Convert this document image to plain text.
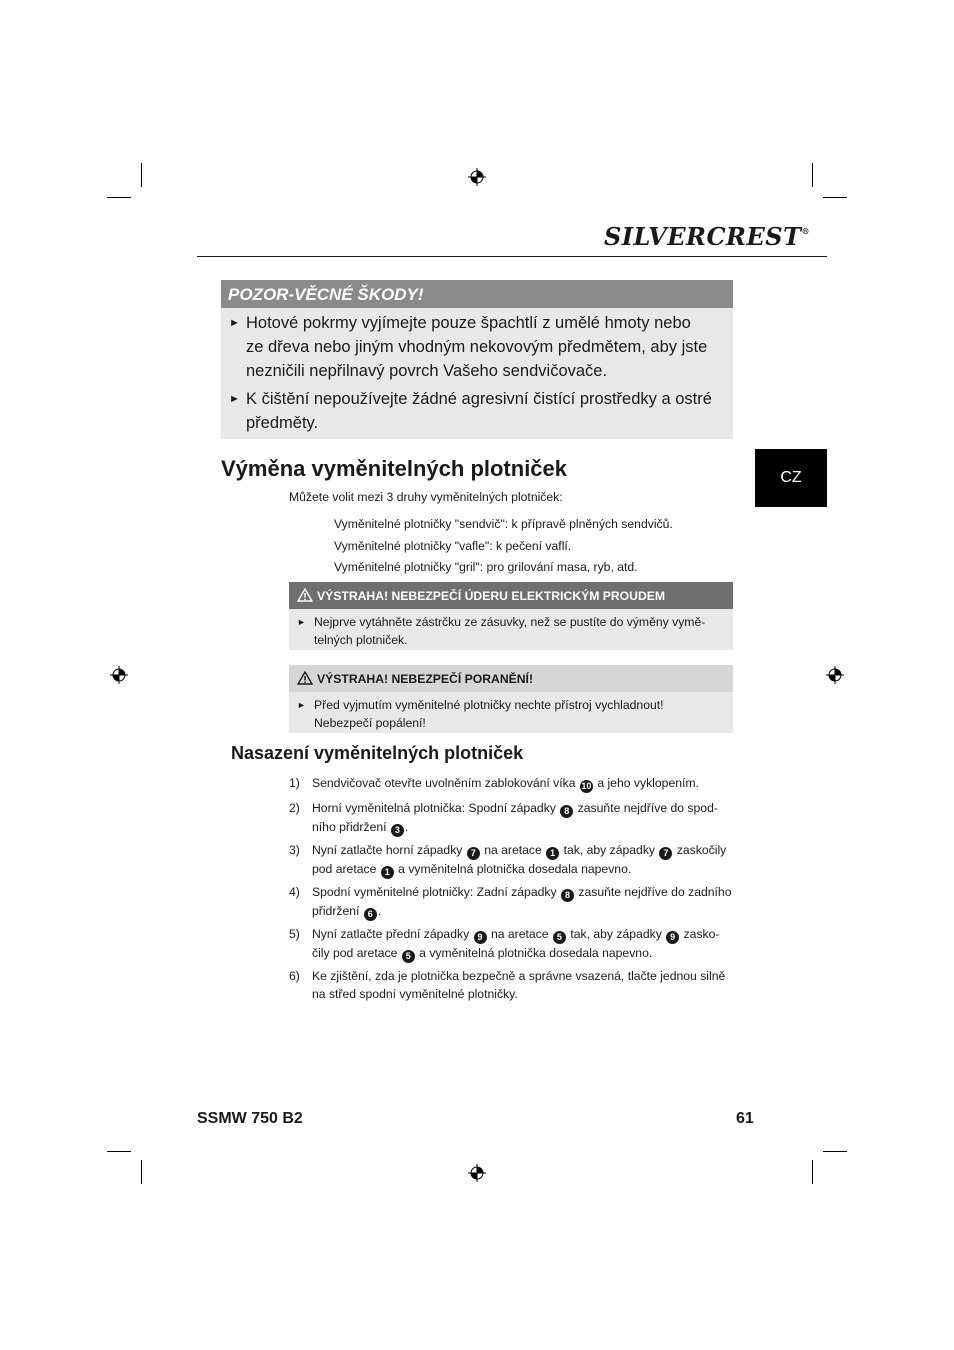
SILVERCREST®
POZOR-VĚCNÉ ŠKODY!
► Hotové pokrmy vyjímejte pouze špachtlí z umělé hmoty nebo
ze dřeva nebo jiným vhodným nekovovým předmětem, aby jste
nezničili nepřilnavý povrch Vašeho sendvičovače.
► K čištění nepoužívejte žádné agresivní čistící prostředky a ostré
předměty.
CZ
Výměna vyměnitelných plotniček
Můžete volit mezi 3 druhy vyměnitelných plotniček:
Vyměnitelné plotničky "sendvič": k přípravě plněných sendvičů.
Vyměnitelné plotničky "vafle": k pečení vaflí.
Vyměnitelné plotničky "gril": pro grilování masa, ryb, atd.
VÝSTRAHA! NEBEZPEČÍ ÚDERU ELEKTRICKÝM PROUDEM
► Nejprve vytáhněte zástrčku ze zásuvky, než se pustíte do výměny vymě-
telných plotniček.
VÝSTRAHA! NEBEZPEČÍ PORANĚNÍ!
► Před vyjmutím vyměnitelné plotničky nechte přístroj vychladnout!
Nebezpečí popálení!
Nasazení vyměnitelných plotniček
1) Sendvičovač otevřte uvolněním zablokování víka 10 a jeho vyklopením.
2) Horní vyměnitelná plotnička: Spodní západky 8 zasuňte nejdříve do spod-
ního přidržení 3 .
3) Nyní zatlačte horní západky 7 na aretace 1 tak, aby západky 7 zaskočily
pod aretace 1 a vyměnitelná plotnička dosedala napevno.
4) Spodní vyměnitelné plotničky: Zadní západky 8 zasuňte nejdříve do zadního
přidržení 6 .
5) Nyní zatlačte přední západky 9 na aretace 5 tak, aby západky 9 zasko-
čily pod aretace 5 a vyměnitelná plotnička dosedala napevno.
6) Ke zjištění, zda je plotnička bezpečně a správne vsazená, tlačte jednou silně
na střed spodní vyměnitelné plotničky.
SSMW 750 B2	61
